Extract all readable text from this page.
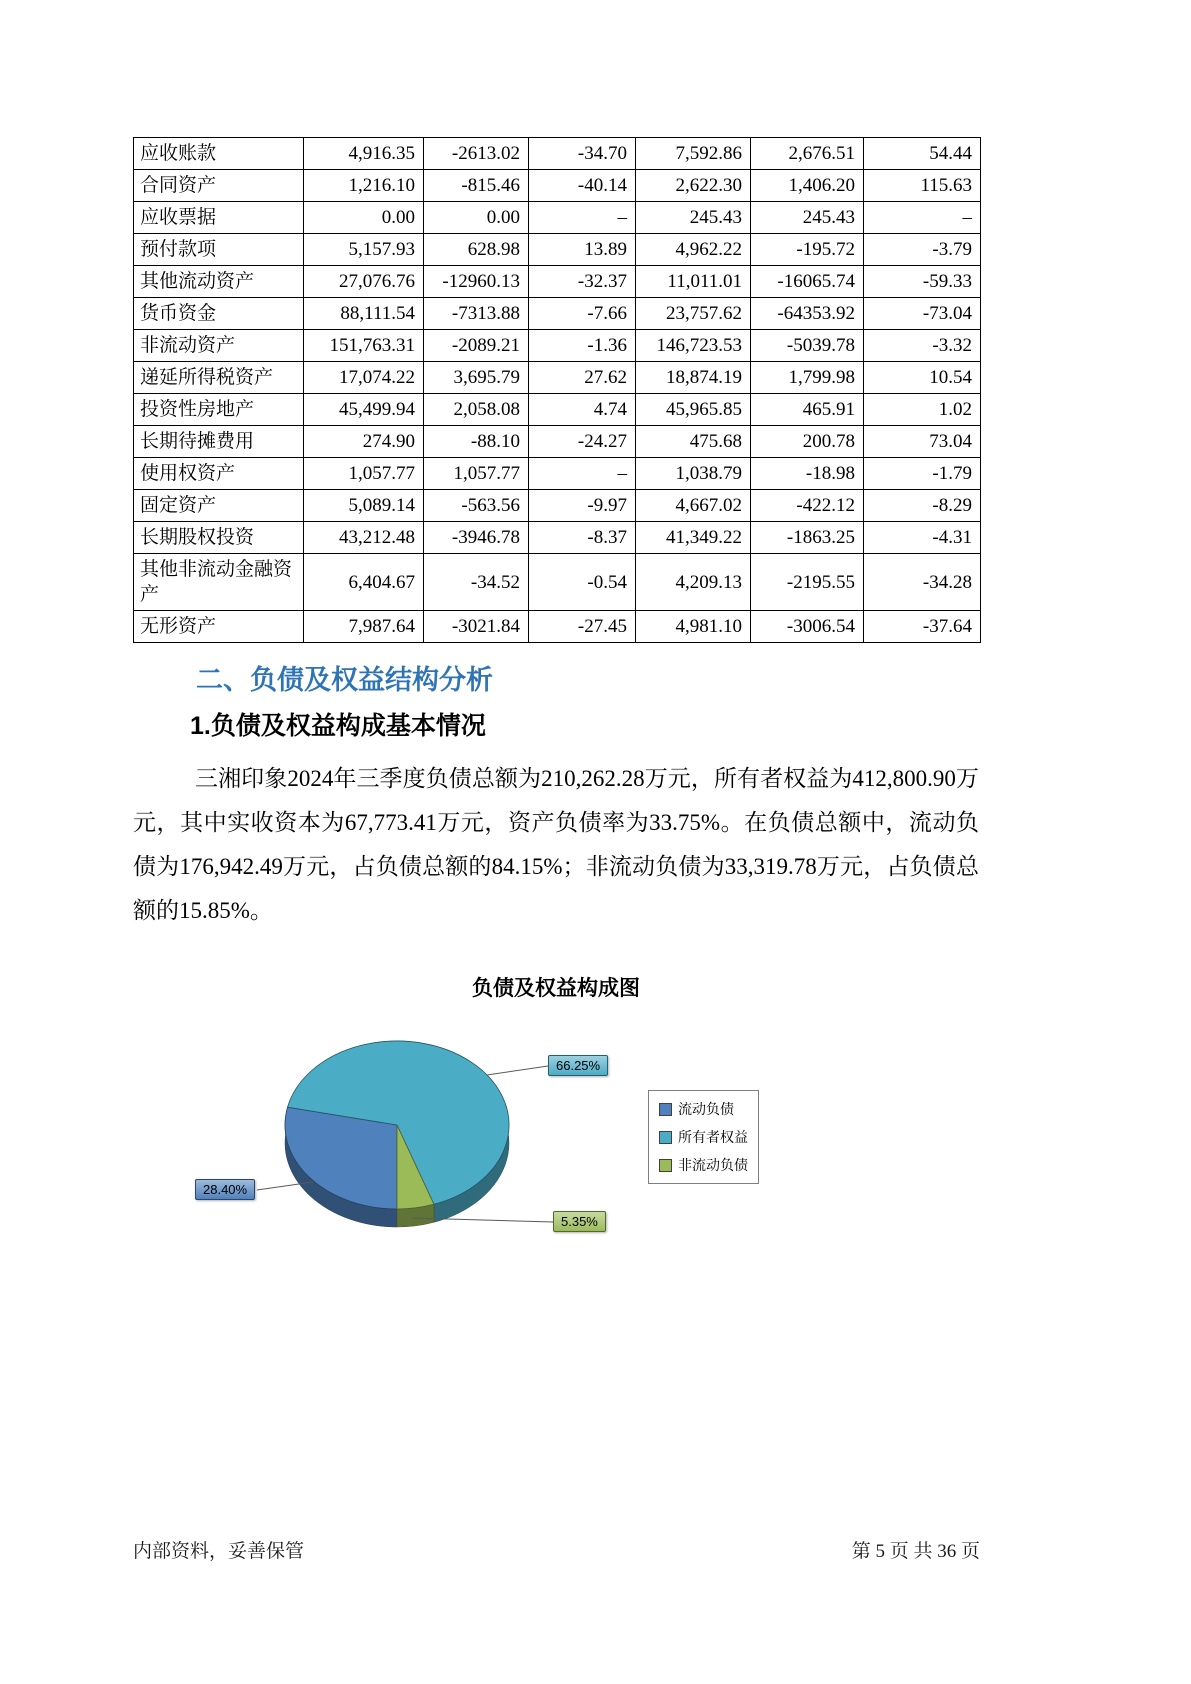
应收账款	4,916.35	-2613.02	-34.70	7,592.86	2,676.51	54.44
合同资产	1,216.10	-815.46	-40.14	2,622.30	1,406.20	115.63
应收票据	0.00	0.00	–	245.43	245.43	–
预付款项	5,157.93	628.98	13.89	4,962.22	-195.72	-3.79
其他流动资产	27,076.76	-12960.13	-32.37	11,011.01	-16065.74	-59.33
货币资金	88,111.54	-7313.88	-7.66	23,757.62	-64353.92	-73.04
非流动资产	151,763.31	-2089.21	-1.36	146,723.53	-5039.78	-3.32
递延所得税资产	17,074.22	3,695.79	27.62	18,874.19	1,799.98	10.54
投资性房地产	45,499.94	2,058.08	4.74	45,965.85	465.91	1.02
长期待摊费用	274.90	-88.10	-24.27	475.68	200.78	73.04
使用权资产	1,057.77	1,057.77	–	1,038.79	-18.98	-1.79
固定资产	5,089.14	-563.56	-9.97	4,667.02	-422.12	-8.29
长期股权投资	43,212.48	-3946.78	-8.37	41,349.22	-1863.25	-4.31
其他非流动金融资产	6,404.67	-34.52	-0.54	4,209.13	-2195.55	-34.28
无形资产	7,987.64	-3021.84	-27.45	4,981.10	-3006.54	-37.64
二、负债及权益结构分析
1.负债及权益构成基本情况

三湘印象2024年三季度负债总额为210,262.28万元，所有者权益为412,800.90万元，其中实收资本为67,773.41万元，资产负债率为33.75%。在负债总额中，流动负债为176,942.49万元，占负债总额的84.15%；非流动负债为33,319.78万元，占负债总额的15.85%。

负债及权益构成图
28.40%
66.25%
5.35%
流动负债
所有者权益
非流动负债
内部资料，妥善保管	第 5 页 共 36 页
